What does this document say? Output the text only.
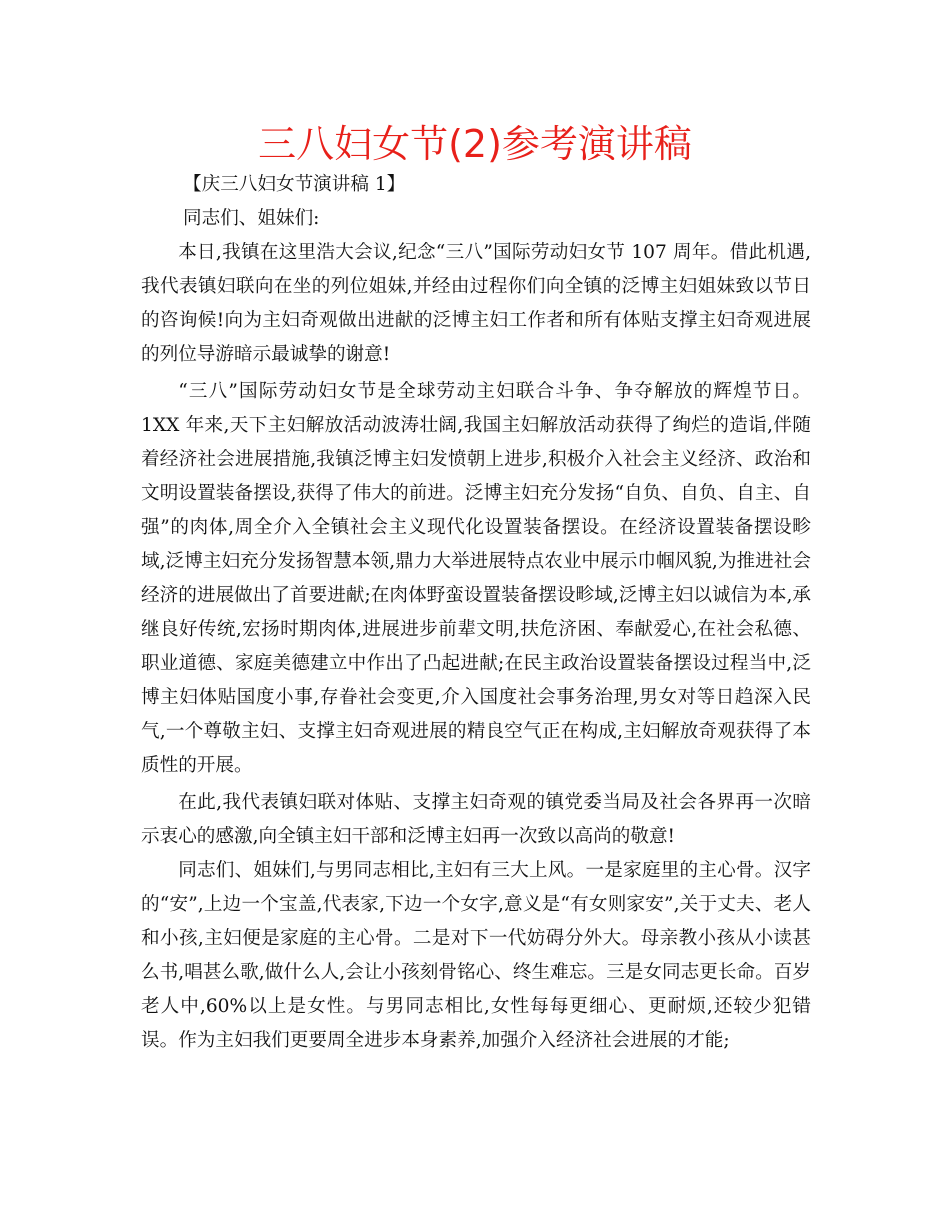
三八妇女节(2)参考演讲稿

【庆三八妇女节演讲稿 1】

同志们、姐妹们:

本日,我镇在这里浩大会议,纪念“三八”国际劳动妇女节 107 周年。借此机遇,我代表镇妇联向在坐的列位姐妹,并经由过程你们向全镇的泛博主妇姐妹致以节日的咨询候!向为主妇奇观做出进献的泛博主妇工作者和所有体贴支撑主妇奇观进展的列位导游暗示最诚挚的谢意!

“三八”国际劳动妇女节是全球劳动主妇联合斗争、争夺解放的辉煌节日。1XX 年来,天下主妇解放活动波涛壮阔,我国主妇解放活动获得了绚烂的造诣,伴随着经济社会进展措施,我镇泛博主妇发愤朝上进步,积极介入社会主义经济、政治和文明设置装备摆设,获得了伟大的前进。泛博主妇充分发扬“自负、自负、自主、自强”的肉体,周全介入全镇社会主义现代化设置装备摆设。在经济设置装备摆设畛域,泛博主妇充分发扬智慧本领,鼎力大举进展特点农业中展示巾帼风貌,为推进社会经济的进展做出了首要进献;在肉体野蛮设置装备摆设畛域,泛博主妇以诚信为本,承继良好传统,宏扬时期肉体,进展进步前辈文明,扶危济困、奉献爱心,在社会私德、职业道德、家庭美德建立中作出了凸起进献;在民主政治设置装备摆设过程当中,泛博主妇体贴国度小事,存眷社会变更,介入国度社会事务治理,男女对等日趋深入民气,一个尊敬主妇、支撑主妇奇观进展的精良空气正在构成,主妇解放奇观获得了本质性的开展。

在此,我代表镇妇联对体贴、支撑主妇奇观的镇党委当局及社会各界再一次暗示衷心的感激,向全镇主妇干部和泛博主妇再一次致以高尚的敬意!

同志们、姐妹们,与男同志相比,主妇有三大上风。一是家庭里的主心骨。汉字的“安”,上边一个宝盖,代表家,下边一个女字,意义是“有女则家安”,关于丈夫、老人和小孩,主妇便是家庭的主心骨。二是对下一代妨碍分外大。母亲教小孩从小读甚么书,唱甚么歌,做什么人,会让小孩刻骨铭心、终生难忘。三是女同志更长命。百岁老人中,60%以上是女性。与男同志相比,女性每每更细心、更耐烦,还较少犯错误。作为主妇我们更要周全进步本身素养,加强介入经济社会进展的才能;
